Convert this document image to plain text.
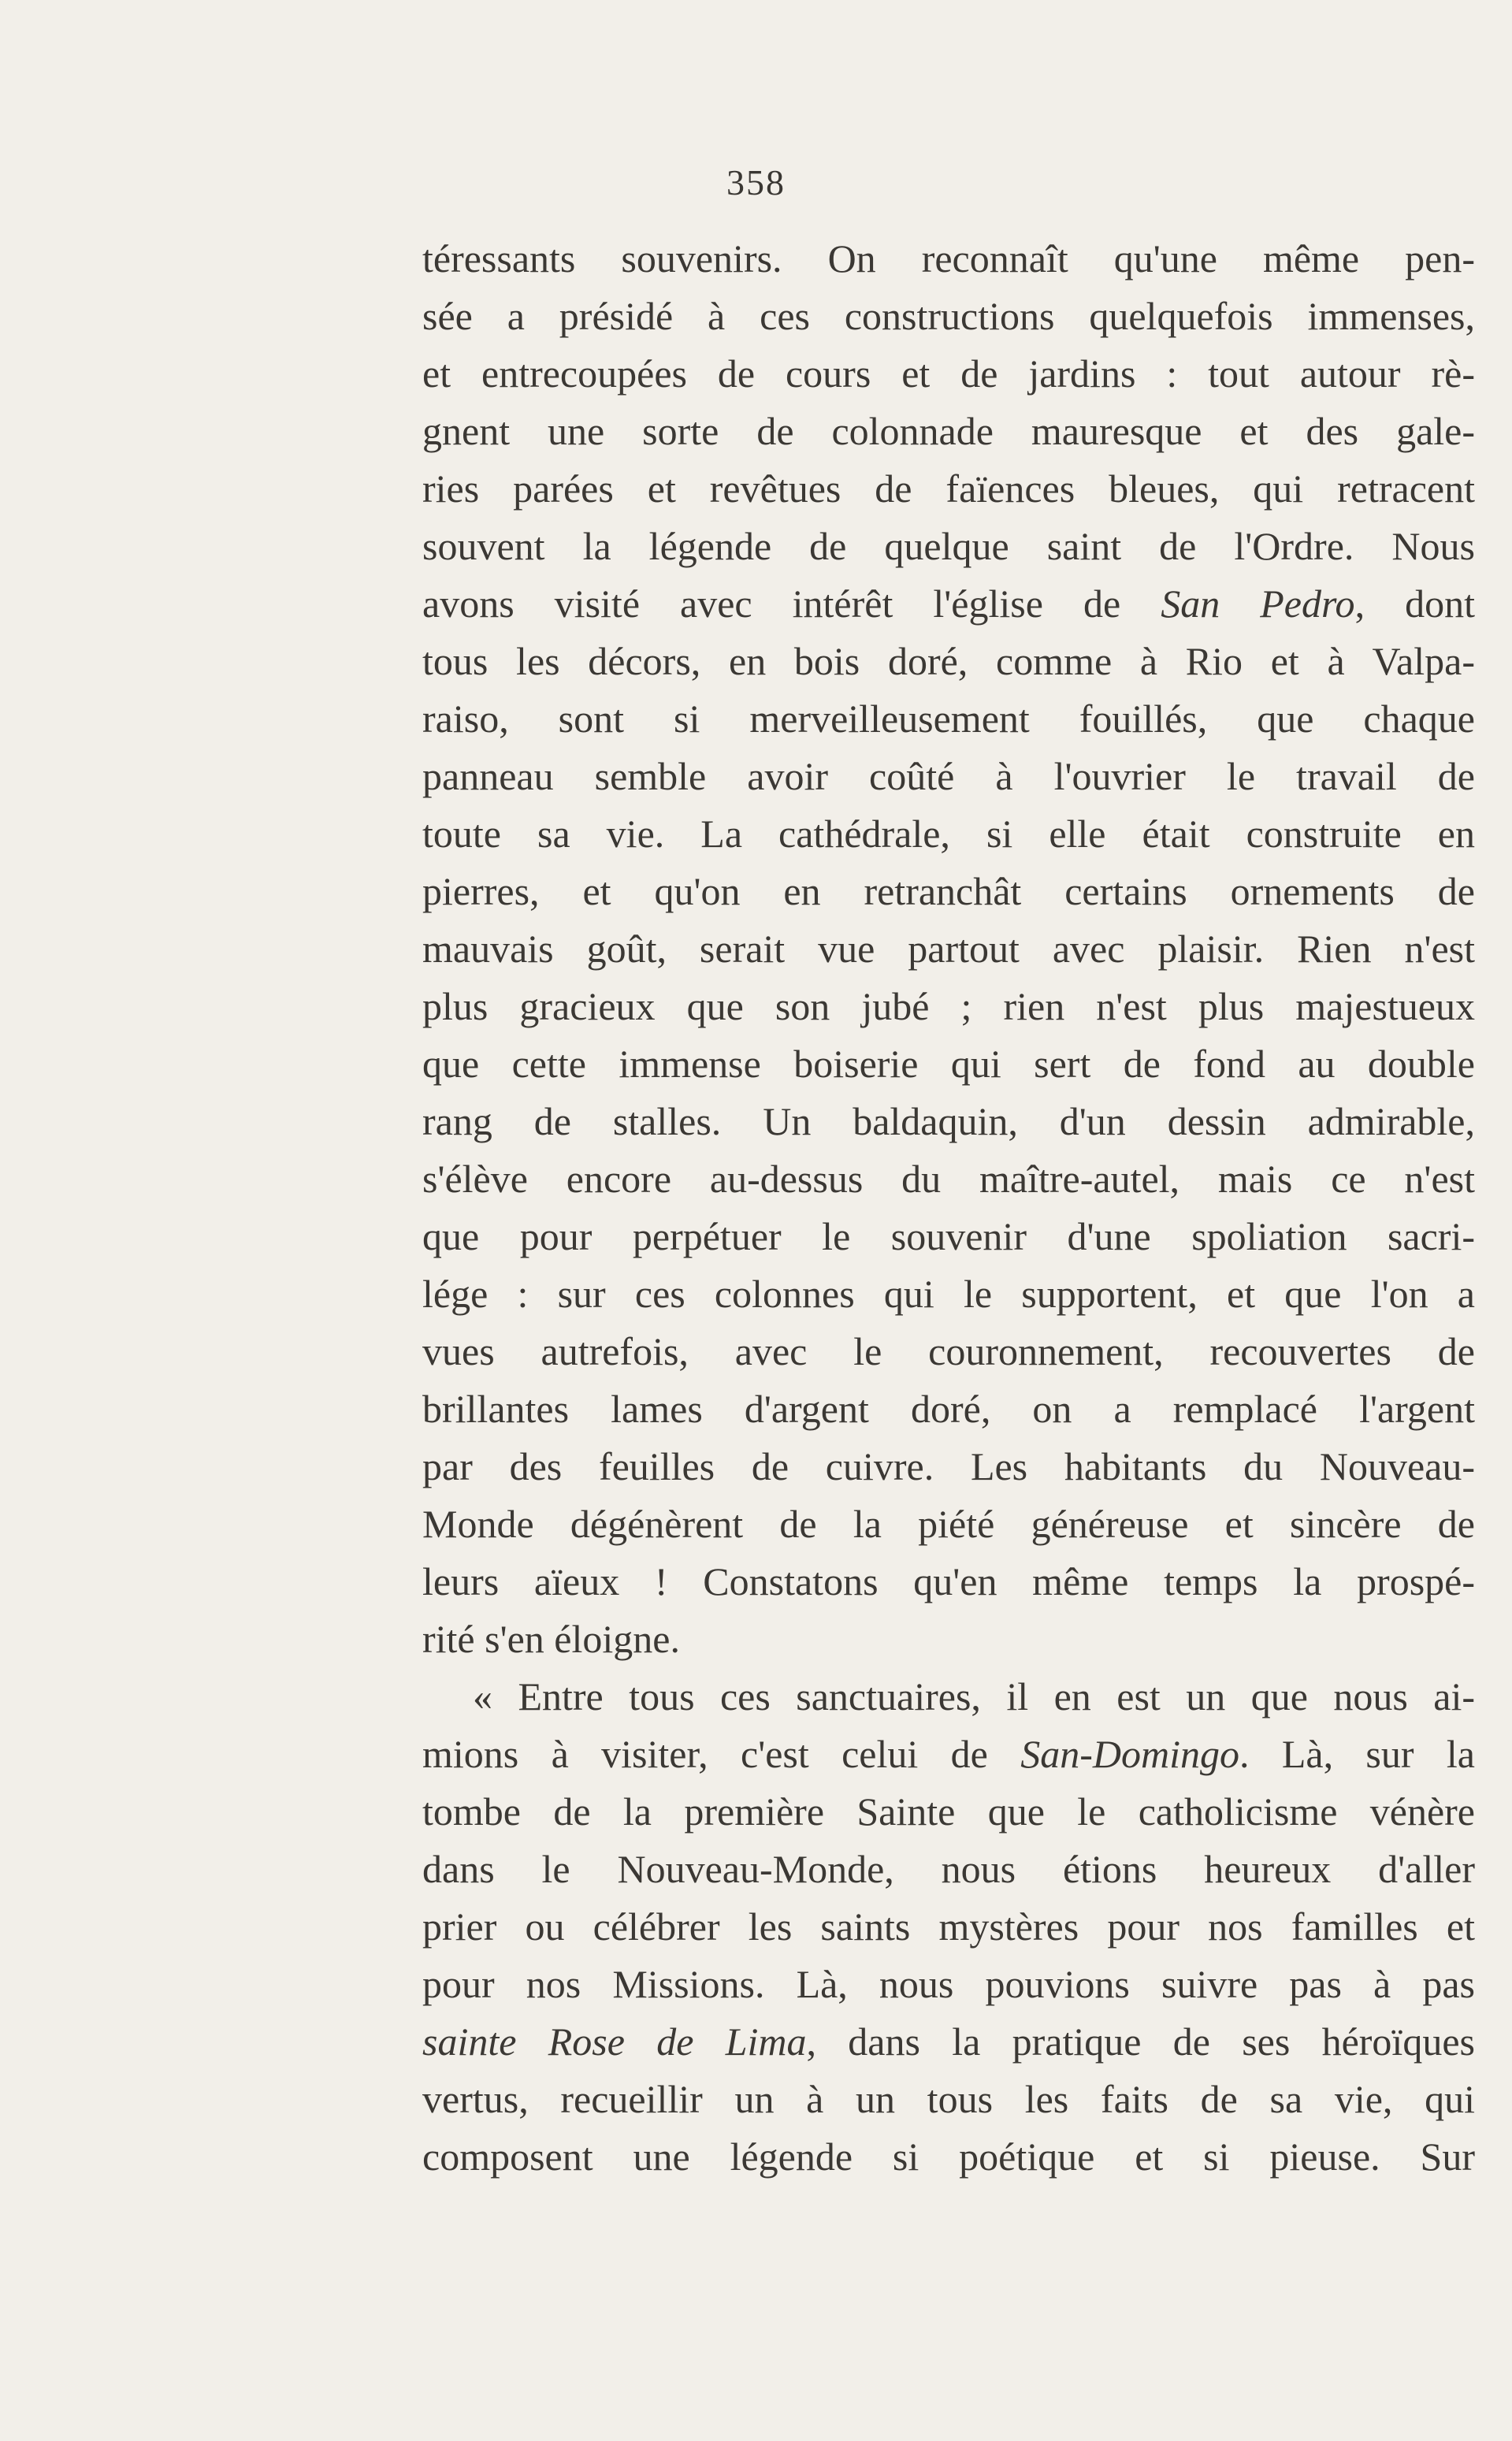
358
téressants souvenirs. On reconnaît qu'une même pen-
sée a présidé à ces constructions quelquefois immenses,
et entrecoupées de cours et de jardins : tout autour rè-
gnent une sorte de colonnade mauresque et des gale-
ries parées et revêtues de faïences bleues, qui retracent
souvent la légende de quelque saint de l'Ordre. Nous
avons visité avec intérêt l'église de San Pedro, dont
tous les décors, en bois doré, comme à Rio et à Valpa-
raiso, sont si merveilleusement fouillés, que chaque
panneau semble avoir coûté à l'ouvrier le travail de
toute sa vie. La cathédrale, si elle était construite en
pierres, et qu'on en retranchât certains ornements de
mauvais goût, serait vue partout avec plaisir. Rien n'est
plus gracieux que son jubé ; rien n'est plus majestueux
que cette immense boiserie qui sert de fond au double
rang de stalles. Un baldaquin, d'un dessin admirable,
s'élève encore au-dessus du maître-autel, mais ce n'est
que pour perpétuer le souvenir d'une spoliation sacri-
lége : sur ces colonnes qui le supportent, et que l'on a
vues autrefois, avec le couronnement, recouvertes de
brillantes lames d'argent doré, on a remplacé l'argent
par des feuilles de cuivre. Les habitants du Nouveau-
Monde dégénèrent de la piété généreuse et sincère de
leurs aïeux ! Constatons qu'en même temps la prospé-
rité s'en éloigne.
« Entre tous ces sanctuaires, il en est un que nous ai-
mions à visiter, c'est celui de San-Domingo. Là, sur la
tombe de la première Sainte que le catholicisme vénère
dans le Nouveau-Monde, nous étions heureux d'aller
prier ou célébrer les saints mystères pour nos familles et
pour nos Missions. Là, nous pouvions suivre pas à pas
sainte Rose de Lima, dans la pratique de ses héroïques
vertus, recueillir un à un tous les faits de sa vie, qui
composent une légende si poétique et si pieuse. Sur
